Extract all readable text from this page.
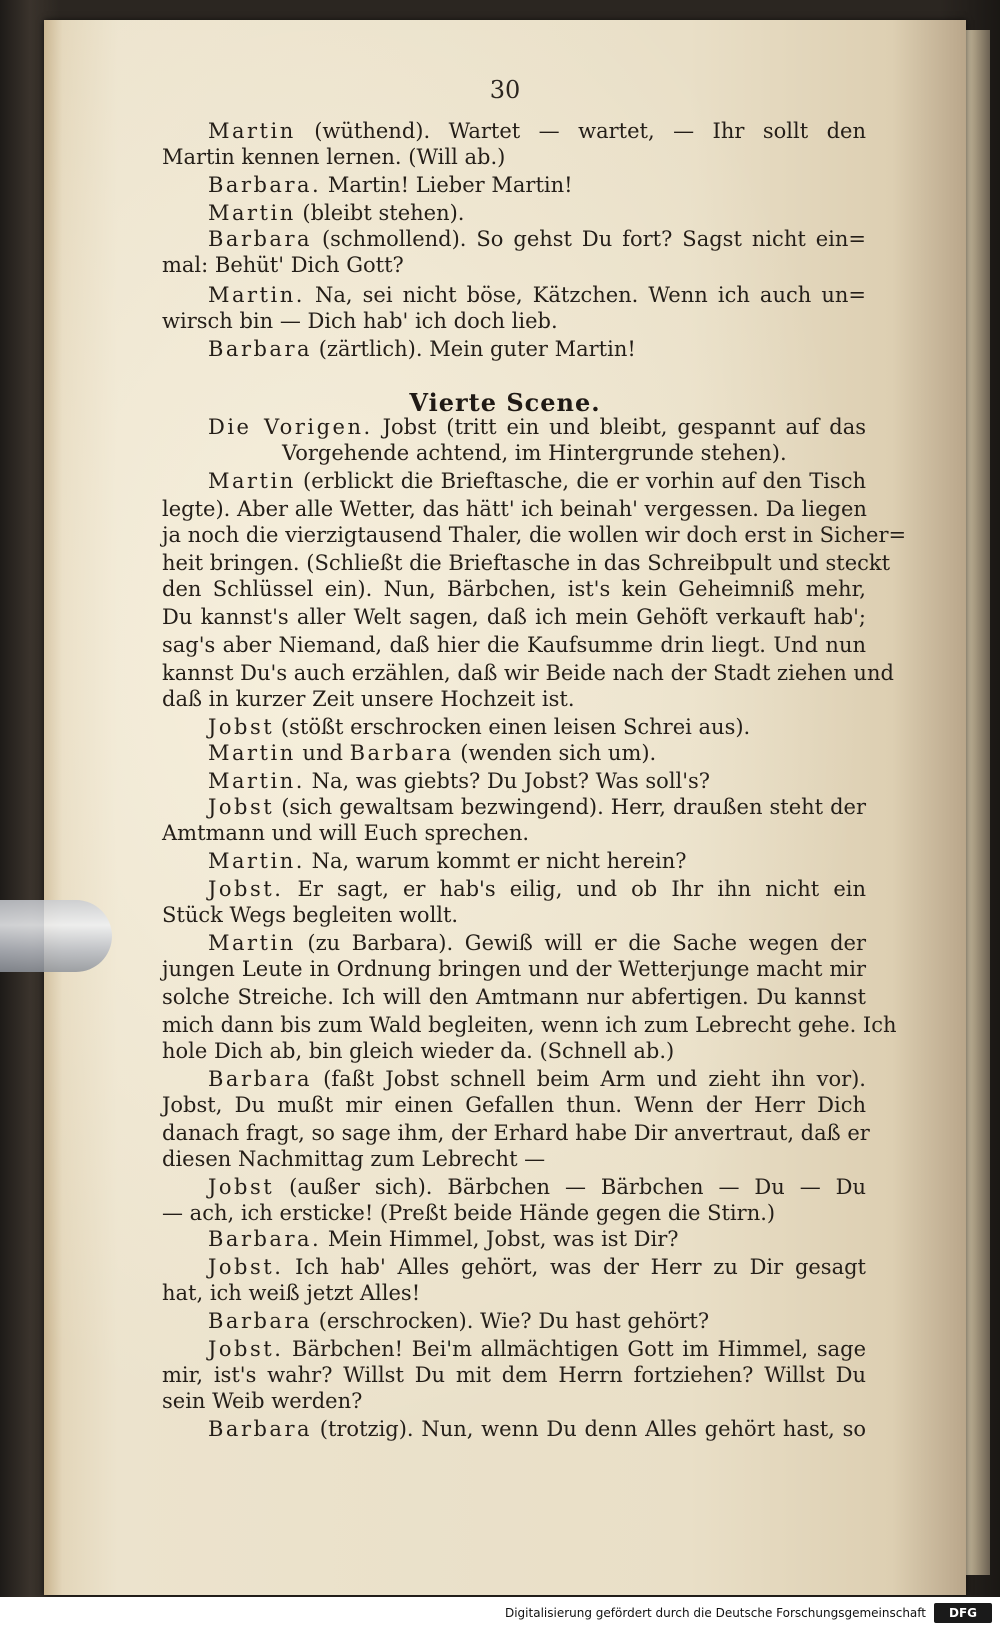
30
Vierte Scene.
Martin (wüthend). Wartet — wartet, — Ihr sollt den
Martin kennen lernen. (Will ab.)
Barbara. Martin! Lieber Martin!
Martin (bleibt stehen).
Barbara (schmollend). So gehst Du fort? Sagst nicht ein=
mal: Behüt' Dich Gott?
Martin. Na, sei nicht böse, Kätzchen. Wenn ich auch un=
wirsch bin — Dich hab' ich doch lieb.
Barbara (zärtlich). Mein guter Martin!
Die Vorigen. Jobst (tritt ein und bleibt, gespannt auf das
Vorgehende achtend, im Hintergrunde stehen).
Martin (erblickt die Brieftasche, die er vorhin auf den Tisch
legte). Aber alle Wetter, das hätt' ich beinah' vergessen. Da liegen
ja noch die vierzigtausend Thaler, die wollen wir doch erst in Sicher=
heit bringen. (Schließt die Brieftasche in das Schreibpult und steckt
den Schlüssel ein). Nun, Bärbchen, ist's kein Geheimniß mehr,
Du kannst's aller Welt sagen, daß ich mein Gehöft verkauft hab';
sag's aber Niemand, daß hier die Kaufsumme drin liegt. Und nun
kannst Du's auch erzählen, daß wir Beide nach der Stadt ziehen und
daß in kurzer Zeit unsere Hochzeit ist.
Jobst (stößt erschrocken einen leisen Schrei aus).
Martin und Barbara (wenden sich um).
Martin. Na, was giebts? Du Jobst? Was soll's?
Jobst (sich gewaltsam bezwingend). Herr, draußen steht der
Amtmann und will Euch sprechen.
Martin. Na, warum kommt er nicht herein?
Jobst. Er sagt, er hab's eilig, und ob Ihr ihn nicht ein
Stück Wegs begleiten wollt.
Martin (zu Barbara). Gewiß will er die Sache wegen der
jungen Leute in Ordnung bringen und der Wetterjunge macht mir
solche Streiche. Ich will den Amtmann nur abfertigen. Du kannst
mich dann bis zum Wald begleiten, wenn ich zum Lebrecht gehe. Ich
hole Dich ab, bin gleich wieder da. (Schnell ab.)
Barbara (faßt Jobst schnell beim Arm und zieht ihn vor).
Jobst, Du mußt mir einen Gefallen thun. Wenn der Herr Dich
danach fragt, so sage ihm, der Erhard habe Dir anvertraut, daß er
diesen Nachmittag zum Lebrecht —
Jobst (außer sich). Bärbchen — Bärbchen — Du — Du
— ach, ich ersticke! (Preßt beide Hände gegen die Stirn.)
Barbara. Mein Himmel, Jobst, was ist Dir?
Jobst. Ich hab' Alles gehört, was der Herr zu Dir gesagt
hat, ich weiß jetzt Alles!
Barbara (erschrocken). Wie? Du hast gehört?
Jobst. Bärbchen! Bei'm allmächtigen Gott im Himmel, sage
mir, ist's wahr? Willst Du mit dem Herrn fortziehen? Willst Du
sein Weib werden?
Barbara (trotzig). Nun, wenn Du denn Alles gehört hast, so
Digitalisierung gefördert durch die Deutsche Forschungsgemeinschaft	DFG
